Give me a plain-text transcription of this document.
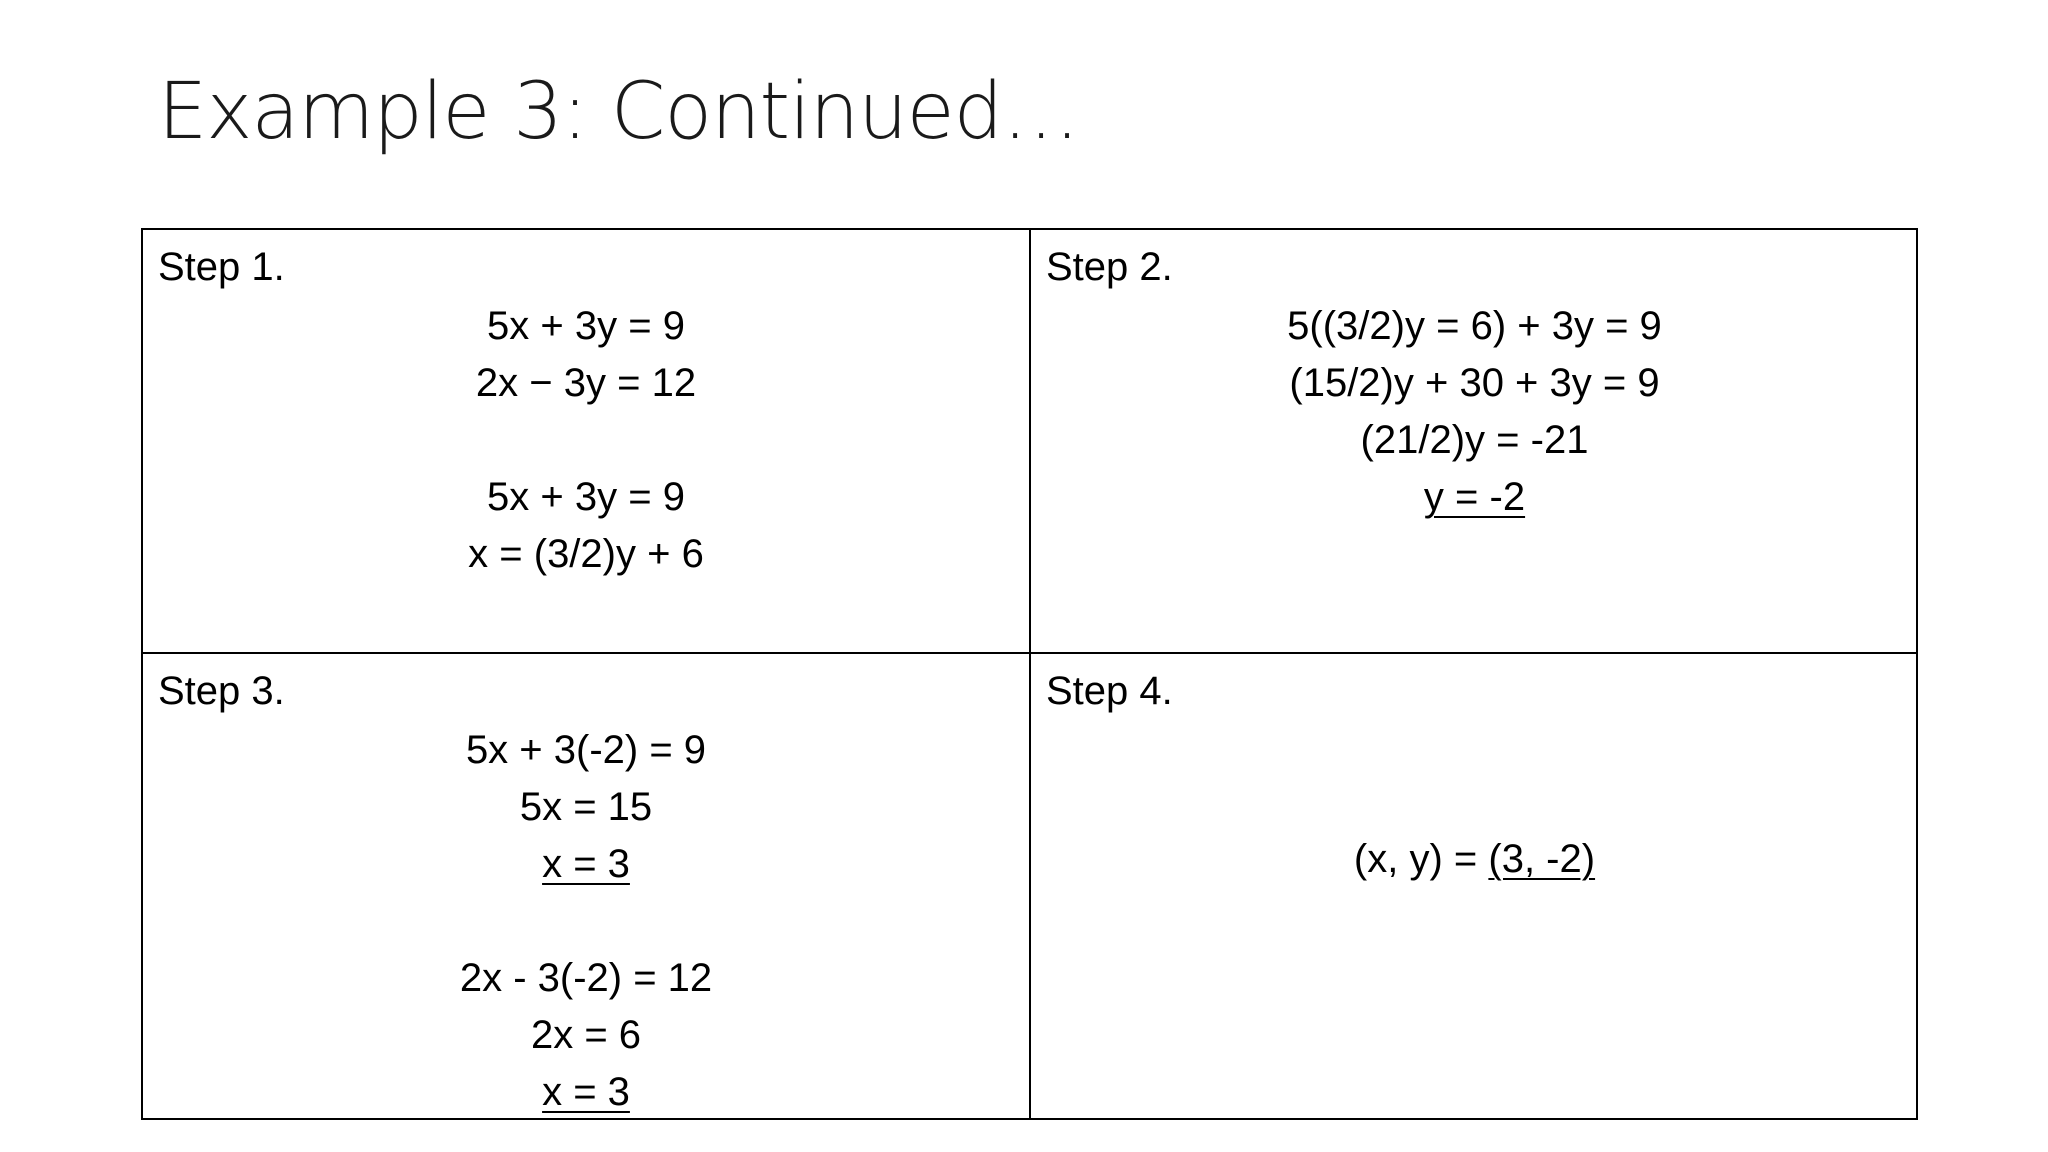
Example 3: Continued…
Step 1.
5x + 3y = 9
2x − 3y = 12
5x + 3y = 9
x = (3/2)y + 6
Step 2.
5((3/2)y = 6) + 3y = 9
(15/2)y + 30 + 3y = 9
(21/2)y = -21
y = -2
Step 3.
5x + 3(-2) = 9
5x = 15
x = 3
2x - 3(-2) = 12
2x = 6
x = 3
Step 4.
(x, y) = (3, -2)
